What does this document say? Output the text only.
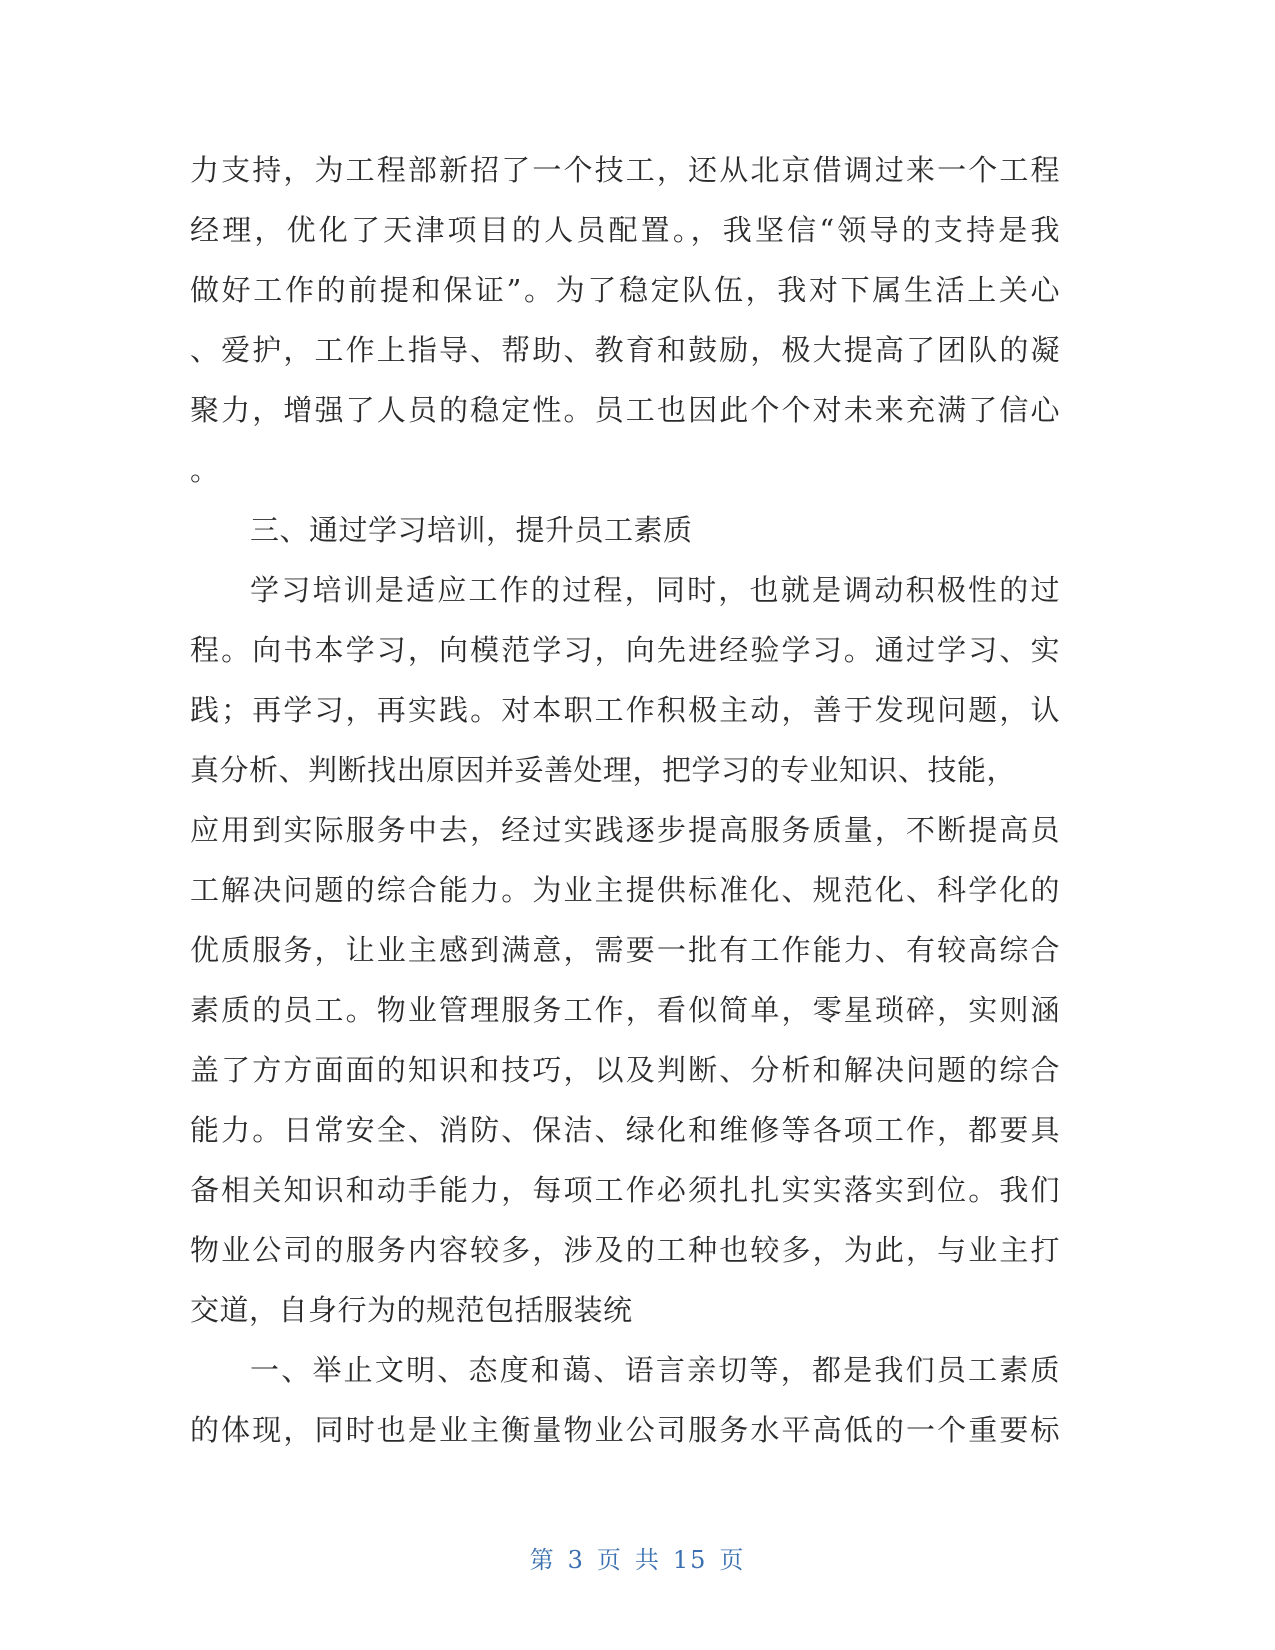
力支持，为工程部新招了一个技工，还从北京借调过来一个工程
经理，优化了天津项目的人员配置。，我坚信“领导的支持是我
做好工作的前提和保证”。为了稳定队伍，我对下属生活上关心
、爱护，工作上指导、帮助、教育和鼓励，极大提高了团队的凝
聚力，增强了人员的稳定性。员工也因此个个对未来充满了信心
。
三、通过学习培训，提升员工素质
学习培训是适应工作的过程，同时，也就是调动积极性的过
程。向书本学习，向模范学习，向先进经验学习。通过学习、实
践；再学习，再实践。对本职工作积极主动，善于发现问题，认
真分析、判断找出原因并妥善处理，把学习的专业知识、技能，
应用到实际服务中去，经过实践逐步提高服务质量，不断提高员
工解决问题的综合能力。为业主提供标准化、规范化、科学化的
优质服务，让业主感到满意，需要一批有工作能力、有较高综合
素质的员工。物业管理服务工作，看似简单，零星琐碎，实则涵
盖了方方面面的知识和技巧，以及判断、分析和解决问题的综合
能力。日常安全、消防、保洁、绿化和维修等各项工作，都要具
备相关知识和动手能力，每项工作必须扎扎实实落实到位。我们
物业公司的服务内容较多，涉及的工种也较多，为此，与业主打
交道，自身行为的规范包括服装统
一、举止文明、态度和蔼、语言亲切等，都是我们员工素质
的体现，同时也是业主衡量物业公司服务水平高低的一个重要标
第 3 页 共 15 页
